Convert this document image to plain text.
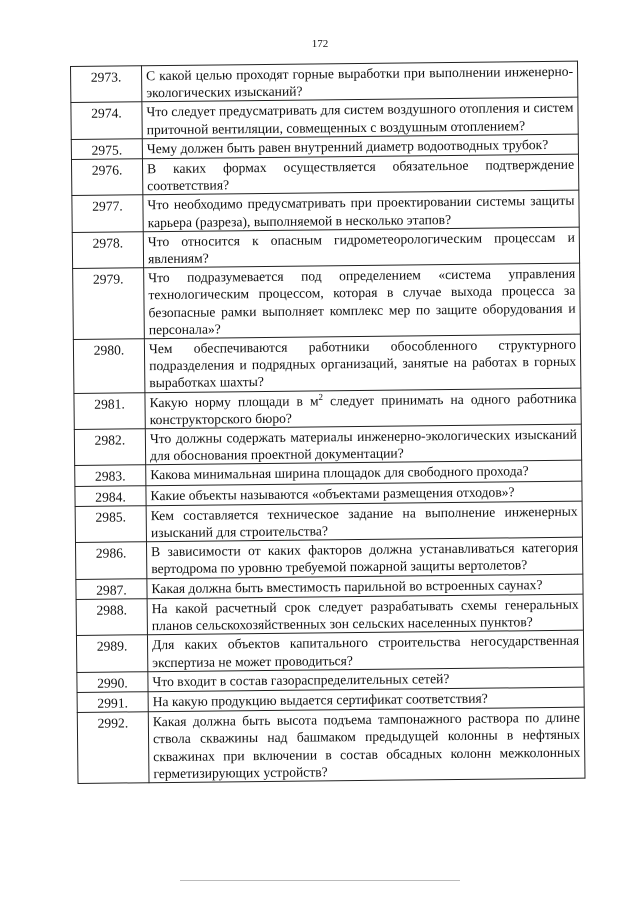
172
2973.	С какой целью проходят горные выработки при выполнении инженерно-экологических изысканий?
2974.	Что следует предусматривать для систем воздушного отопления и систем приточной вентиляции, совмещенных с воздушным отоплением?
2975.	Чему должен быть равен внутренний диаметр водоотводных трубок?
2976.	В каких формах осуществляется обязательное подтверждение соответствия?
2977.	Что необходимо предусматривать при проектировании системы защиты карьера (разреза), выполняемой в несколько этапов?
2978.	Что относится к опасным гидрометеорологическим процессам и явлениям?
2979.	Что подразумевается под определением «система управления технологическим процессом, которая в случае выхода процесса за безопасные рамки выполняет комплекс мер по защите оборудования и персонала»?
2980.	Чем обеспечиваются работники обособленного структурного подразделения и подрядных организаций, занятые на работах в горных выработках шахты?
2981.	Какую норму площади в $м^2$ следует принимать на одного работника конструкторского бюро?
2982.	Что должны содержать материалы инженерно-экологических изысканий для обоснования проектной документации?
2983.	Какова минимальная ширина площадок для свободного прохода?
2984.	Какие объекты называются «объектами размещения отходов»?
2985.	Кем составляется техническое задание на выполнение инженерных изысканий для строительства?
2986.	В зависимости от каких факторов должна устанавливаться категория вертодрома по уровню требуемой пожарной защиты вертолетов?
2987.	Какая должна быть вместимость парильной во встроенных саунах?
2988.	На какой расчетный срок следует разрабатывать схемы генеральных планов сельскохозяйственных зон сельских населенных пунктов?
2989.	Для каких объектов капитального строительства негосударственная экспертиза не может проводиться?
2990.	Что входит в состав газораспределительных сетей?
2991.	На какую продукцию выдается сертификат соответствия?
2992.	Какая должна быть высота подъема тампонажного раствора по длине ствола скважины над башмаком предыдущей колонны в нефтяных скважинах при включении в состав обсадных колонн межколонных герметизирующих устройств?
